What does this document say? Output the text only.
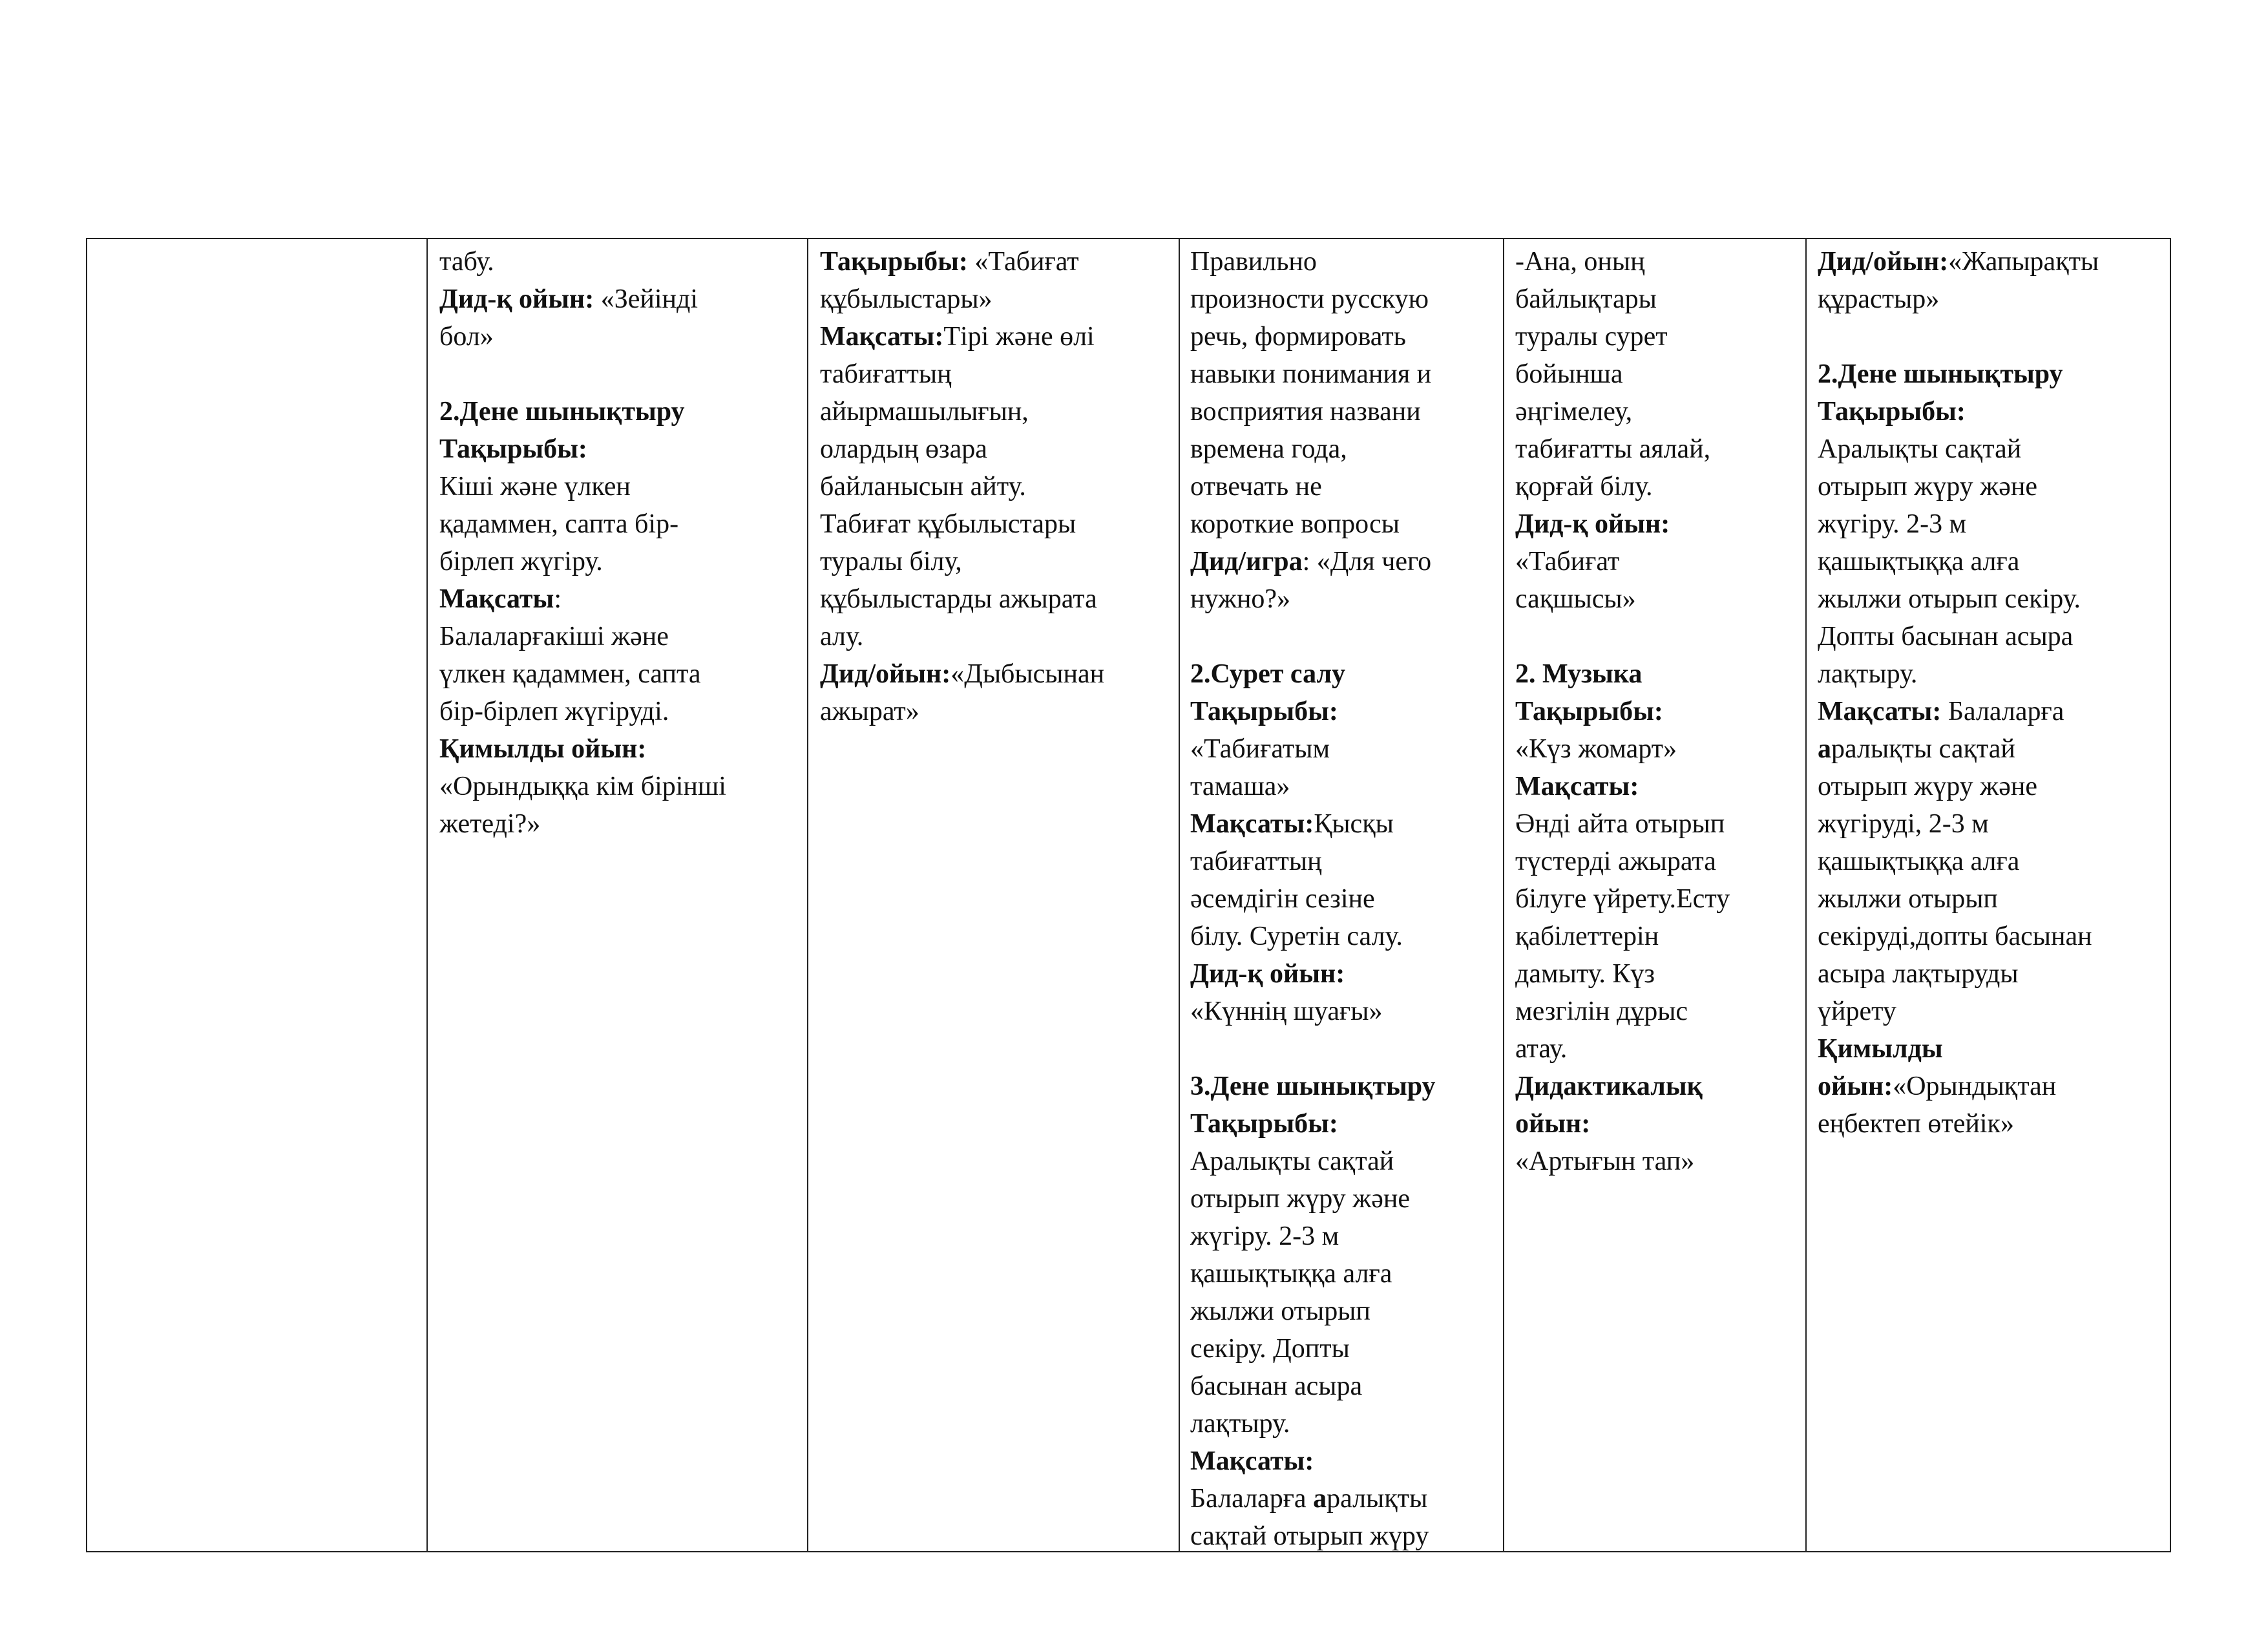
табу.
Дид-қ ойын: «Зейінді
бол»
2.Дене шынықтыру
Тақырыбы:
Кіші және үлкен
қадаммен, сапта бір-
бірлеп жүгіру.
Мақсаты:
Балаларғакіші және
үлкен қадаммен, сапта
бір-бірлеп жүгіруді.
Қимылды ойын:
«Орындыққа кім бірінші
жетеді?»
Тақырыбы: «Табиғат
құбылыстары»
Мақсаты:Тірі және өлі
табиғаттың
айырмашылығын,
олардың өзара
байланысын айту.
Табиғат құбылыстары
туралы білу,
құбылыстарды ажырата
алу.
Дид/ойын:«Дыбысынан
ажырат»
Правильно
произности русскую
речь, формировать
навыки понимания и
восприятия названи
времена года,
отвечать не
короткие вопросы
Дид/игра: «Для чего
нужно?»
2.Сурет салу
Тақырыбы:
«Табиғатым
тамаша»
Мақсаты:Қысқы
табиғаттың
әсемдігін сезіне
білу. Суретін салу.
Дид-қ ойын:
«Күннің шуағы»
3.Дене шынықтыру
Тақырыбы:
Аралықты сақтай
отырып жүру және
жүгіру. 2-3 м
қашықтыққа алға
жылжи отырып
секіру. Допты
басынан асыра
лақтыру.
Мақсаты:
Балаларға аралықты
сақтай отырып жүру
-Ана, оның
байлықтары
туралы сурет
бойынша
әңгімелеу,
табиғатты аялай,
қорғай білу.
Дид-қ ойын:
«Табиғат
сақшысы»
2. Музыка
Тақырыбы:
«Күз жомарт»
Мақсаты:
Әнді айта отырып
түстерді ажырата
білуге үйрету.Есту
қабілеттерін
дамыту. Күз
мезгілін дұрыс
атау.
Дидактикалық
ойын:
«Артығын тап»
Дид/ойын:«Жапырақты
құрастыр»
2.Дене шынықтыру
Тақырыбы:
Аралықты сақтай
отырып жүру және
жүгіру. 2-3 м
қашықтыққа алға
жылжи отырып секіру.
Допты басынан асыра
лақтыру.
Мақсаты: Балаларға
аралықты сақтай
отырып жүру және
жүгіруді, 2-3 м
қашықтыққа алға
жылжи отырып
секіруді,допты басынан
асыра лақтыруды
үйрету
Қимылды
ойын:«Орындықтан
еңбектеп өтейік»
